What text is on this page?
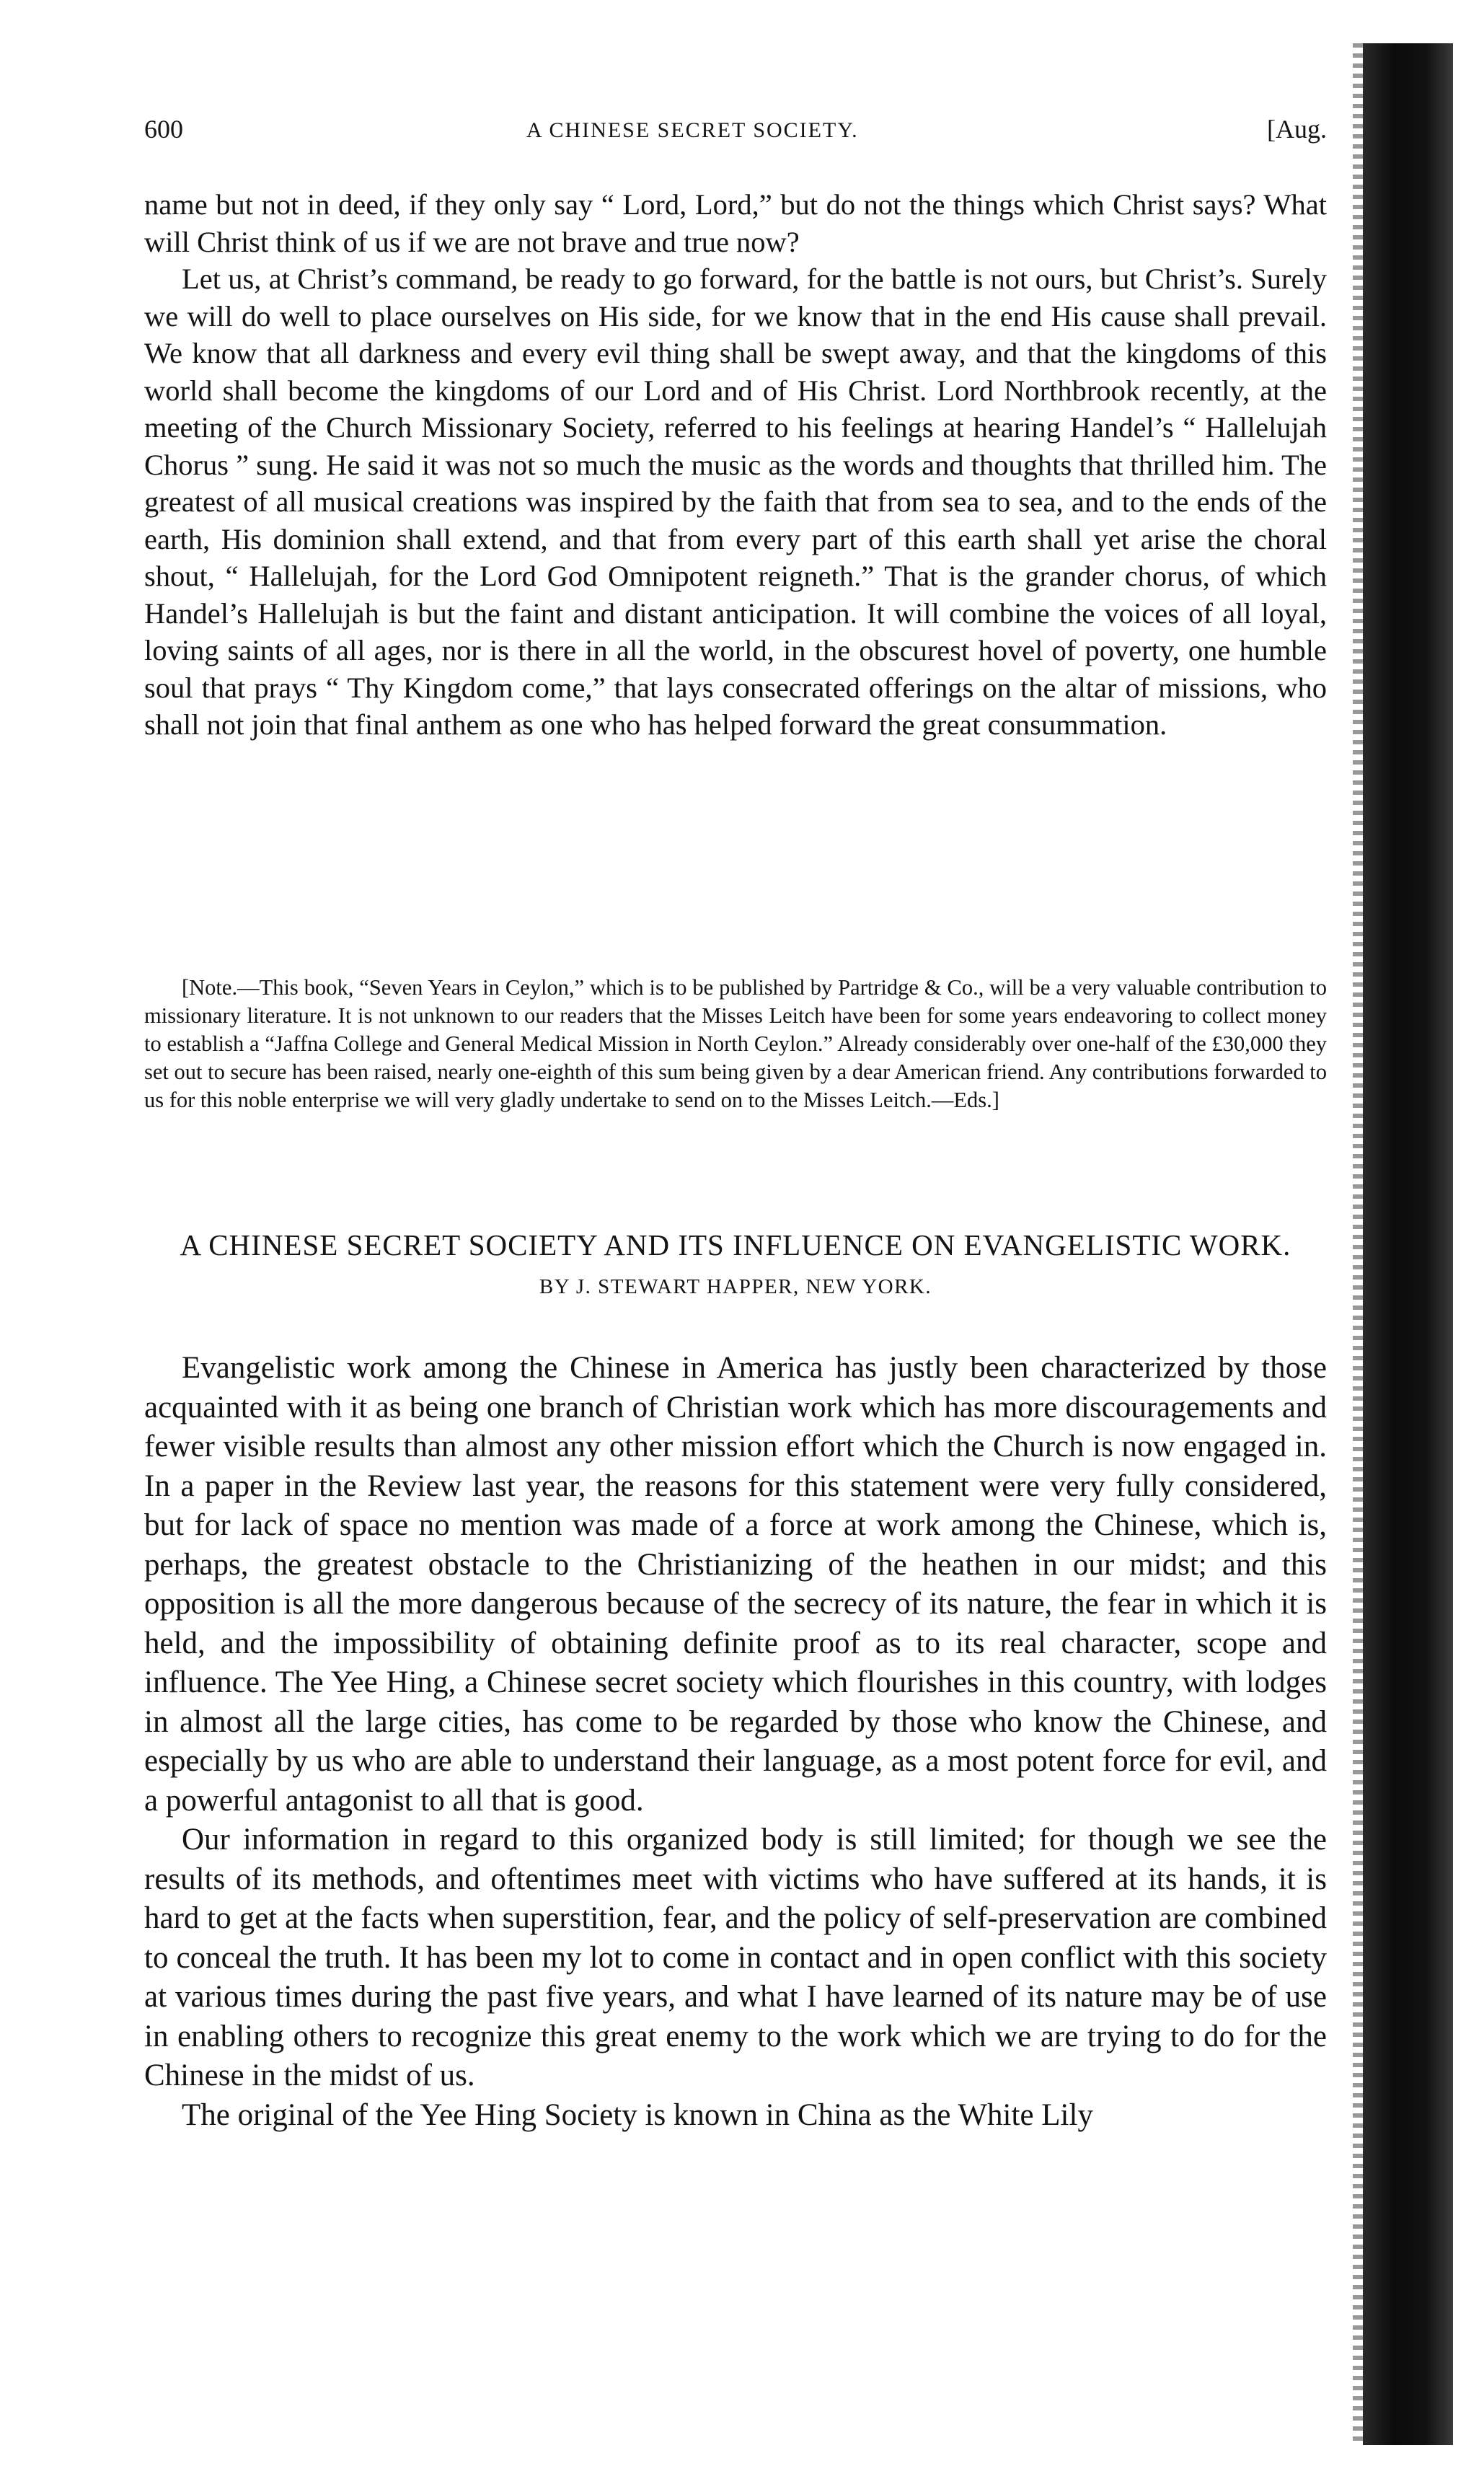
600	A CHINESE SECRET SOCIETY.	[Aug.

name but not in deed, if they only say “ Lord, Lord,” but do not the things which Christ says? What will Christ think of us if we are not brave and true now?

Let us, at Christ’s command, be ready to go forward, for the battle is not ours, but Christ’s. Surely we will do well to place ourselves on His side, for we know that in the end His cause shall prevail. We know that all darkness and every evil thing shall be swept away, and that the kingdoms of this world shall become the kingdoms of our Lord and of His Christ. Lord Northbrook recently, at the meeting of the Church Missionary Society, referred to his feelings at hearing Handel’s “ Hallelujah Chorus ” sung. He said it was not so much the music as the words and thoughts that thrilled him. The greatest of all musical creations was inspired by the faith that from sea to sea, and to the ends of the earth, His dominion shall extend, and that from every part of this earth shall yet arise the choral shout, “ Hallelujah, for the Lord God Omnipotent reigneth.” That is the grander chorus, of which Handel’s Hallelujah is but the faint and distant anticipation. It will combine the voices of all loyal, loving saints of all ages, nor is there in all the world, in the obscurest hovel of poverty, one humble soul that prays “ Thy Kingdom come,” that lays consecrated offerings on the altar of missions, who shall not join that final anthem as one who has helped forward the great consummation.

[Note.—This book, “Seven Years in Ceylon,” which is to be published by Partridge & Co., will be a very valuable contribution to missionary literature. It is not unknown to our readers that the Misses Leitch have been for some years endeavoring to collect money to establish a “Jaffna College and General Medical Mission in North Ceylon.” Already considerably over one-half of the £30,000 they set out to secure has been raised, nearly one-eighth of this sum being given by a dear American friend. Any contributions forwarded to us for this noble enterprise we will very gladly undertake to send on to the Misses Leitch.—Eds.]

A CHINESE SECRET SOCIETY AND ITS INFLUENCE ON EVANGELISTIC WORK.

BY J. STEWART HAPPER, NEW YORK.

Evangelistic work among the Chinese in America has justly been characterized by those acquainted with it as being one branch of Christian work which has more discouragements and fewer visible results than almost any other mission effort which the Church is now engaged in. In a paper in the Review last year, the reasons for this statement were very fully considered, but for lack of space no mention was made of a force at work among the Chinese, which is, perhaps, the greatest obstacle to the Christianizing of the heathen in our midst; and this opposition is all the more dangerous because of the secrecy of its nature, the fear in which it is held, and the impossibility of obtaining definite proof as to its real character, scope and influence. The Yee Hing, a Chinese secret society which flourishes in this country, with lodges in almost all the large cities, has come to be regarded by those who know the Chinese, and especially by us who are able to understand their language, as a most potent force for evil, and a powerful antagonist to all that is good.

Our information in regard to this organized body is still limited; for though we see the results of its methods, and oftentimes meet with victims who have suffered at its hands, it is hard to get at the facts when superstition, fear, and the policy of self-preservation are combined to conceal the truth. It has been my lot to come in contact and in open conflict with this society at various times during the past five years, and what I have learned of its nature may be of use in enabling others to recognize this great enemy to the work which we are trying to do for the Chinese in the midst of us.

The original of the Yee Hing Society is known in China as the White Lily
